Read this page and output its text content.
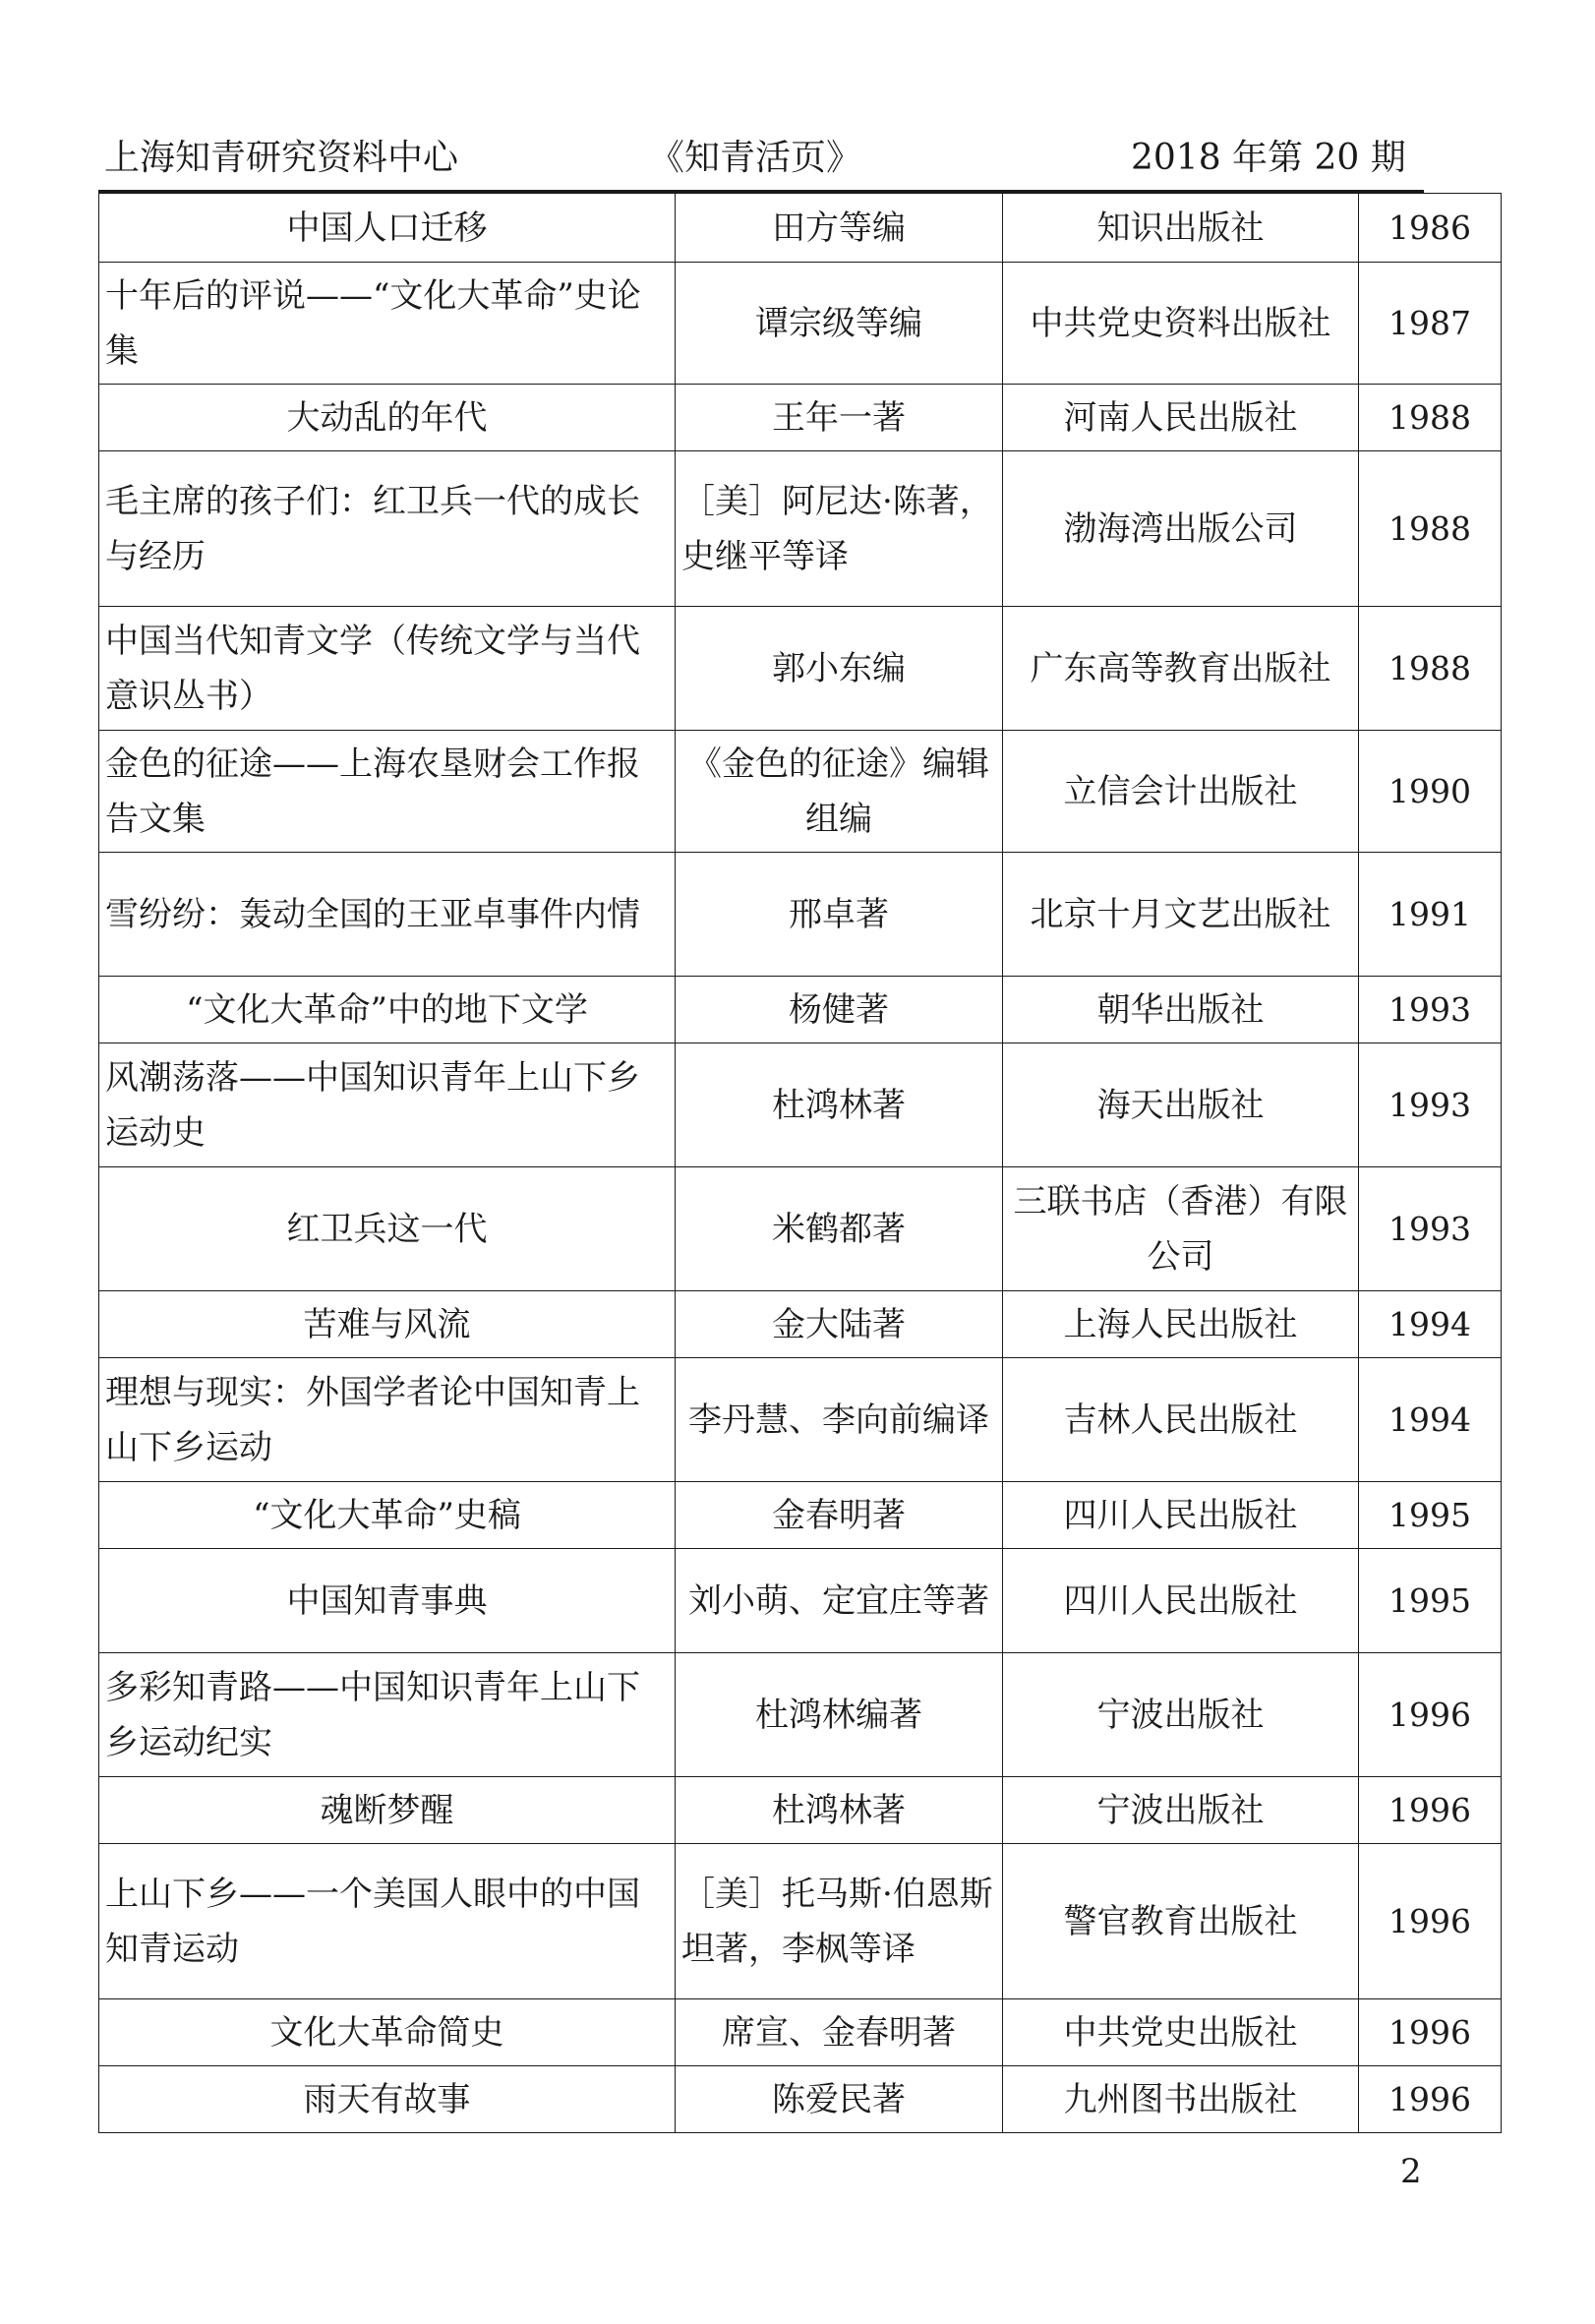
上海知青研究资料中心	《知青活页》	2018 年第 20 期
中国人口迁移	田方等编	知识出版社	1986
十年后的评说——“文化大革命”史论集	谭宗级等编	中共党史资料出版社	1987
大动乱的年代	王年一著	河南人民出版社	1988
毛主席的孩子们：红卫兵一代的成长与经历	［美］阿尼达·陈著，史继平等译	渤海湾出版公司	1988
中国当代知青文学（传统文学与当代意识丛书）	郭小东编	广东高等教育出版社	1988
金色的征途——上海农垦财会工作报告文集	《金色的征途》编辑组编	立信会计出版社	1990
雪纷纷：轰动全国的王亚卓事件内情	邢卓著	北京十月文艺出版社	1991
“文化大革命”中的地下文学	杨健著	朝华出版社	1993
风潮荡落——中国知识青年上山下乡运动史	杜鸿林著	海天出版社	1993
红卫兵这一代	米鹤都著	三联书店（香港）有限公司	1993
苦难与风流	金大陆著	上海人民出版社	1994
理想与现实：外国学者论中国知青上山下乡运动	李丹慧、李向前编译	吉林人民出版社	1994
“文化大革命”史稿	金春明著	四川人民出版社	1995
中国知青事典	刘小萌、定宜庄等著	四川人民出版社	1995
多彩知青路——中国知识青年上山下乡运动纪实	杜鸿林编著	宁波出版社	1996
魂断梦醒	杜鸿林著	宁波出版社	1996
上山下乡——一个美国人眼中的中国知青运动	［美］托马斯·伯恩斯坦著，李枫等译	警官教育出版社	1996
文化大革命简史	席宣、金春明著	中共党史出版社	1996
雨天有故事	陈爱民著	九州图书出版社	1996
2
